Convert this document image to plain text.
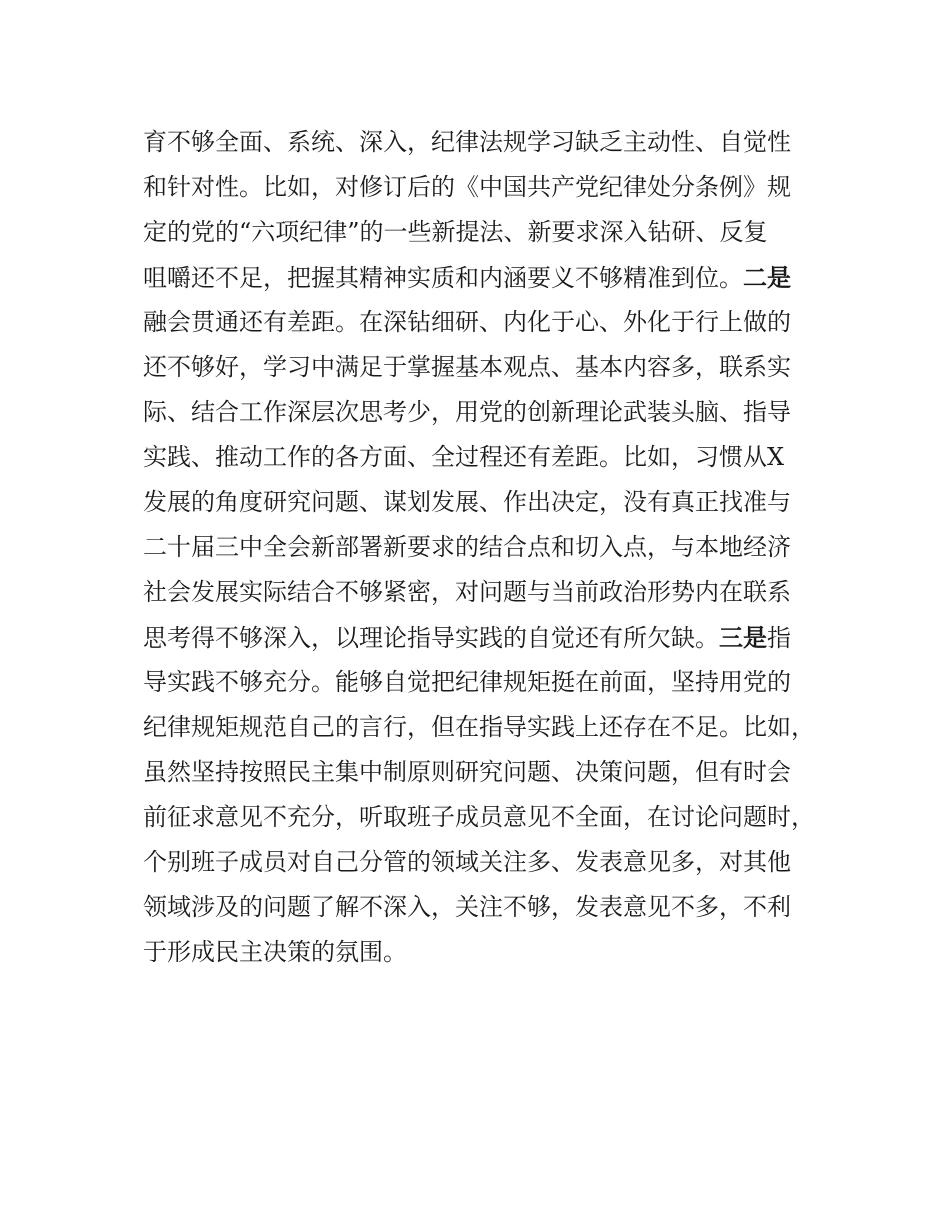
育不够全面、系统、深入，纪律法规学习缺乏主动性、自觉性
和针对性。比如，对修订后的《中国共产党纪律处分条例》规
定的党的“六项纪律”的一些新提法、新要求深入钻研、反复
咀嚼还不足，把握其精神实质和内涵要义不够精准到位。二是
融会贯通还有差距。在深钻细研、内化于心、外化于行上做的
还不够好，学习中满足于掌握基本观点、基本内容多，联系实
际、结合工作深层次思考少，用党的创新理论武装头脑、指导
实践、推动工作的各方面、全过程还有差距。比如，习惯从X
发展的角度研究问题、谋划发展、作出决定，没有真正找准与
二十届三中全会新部署新要求的结合点和切入点，与本地经济
社会发展实际结合不够紧密，对问题与当前政治形势内在联系
思考得不够深入，以理论指导实践的自觉还有所欠缺。三是指
导实践不够充分。能够自觉把纪律规矩挺在前面，坚持用党的
纪律规矩规范自己的言行，但在指导实践上还存在不足。比如，
虽然坚持按照民主集中制原则研究问题、决策问题，但有时会
前征求意见不充分，听取班子成员意见不全面，在讨论问题时，
个别班子成员对自己分管的领域关注多、发表意见多，对其他
领域涉及的问题了解不深入，关注不够，发表意见不多，不利
于形成民主决策的氛围。
